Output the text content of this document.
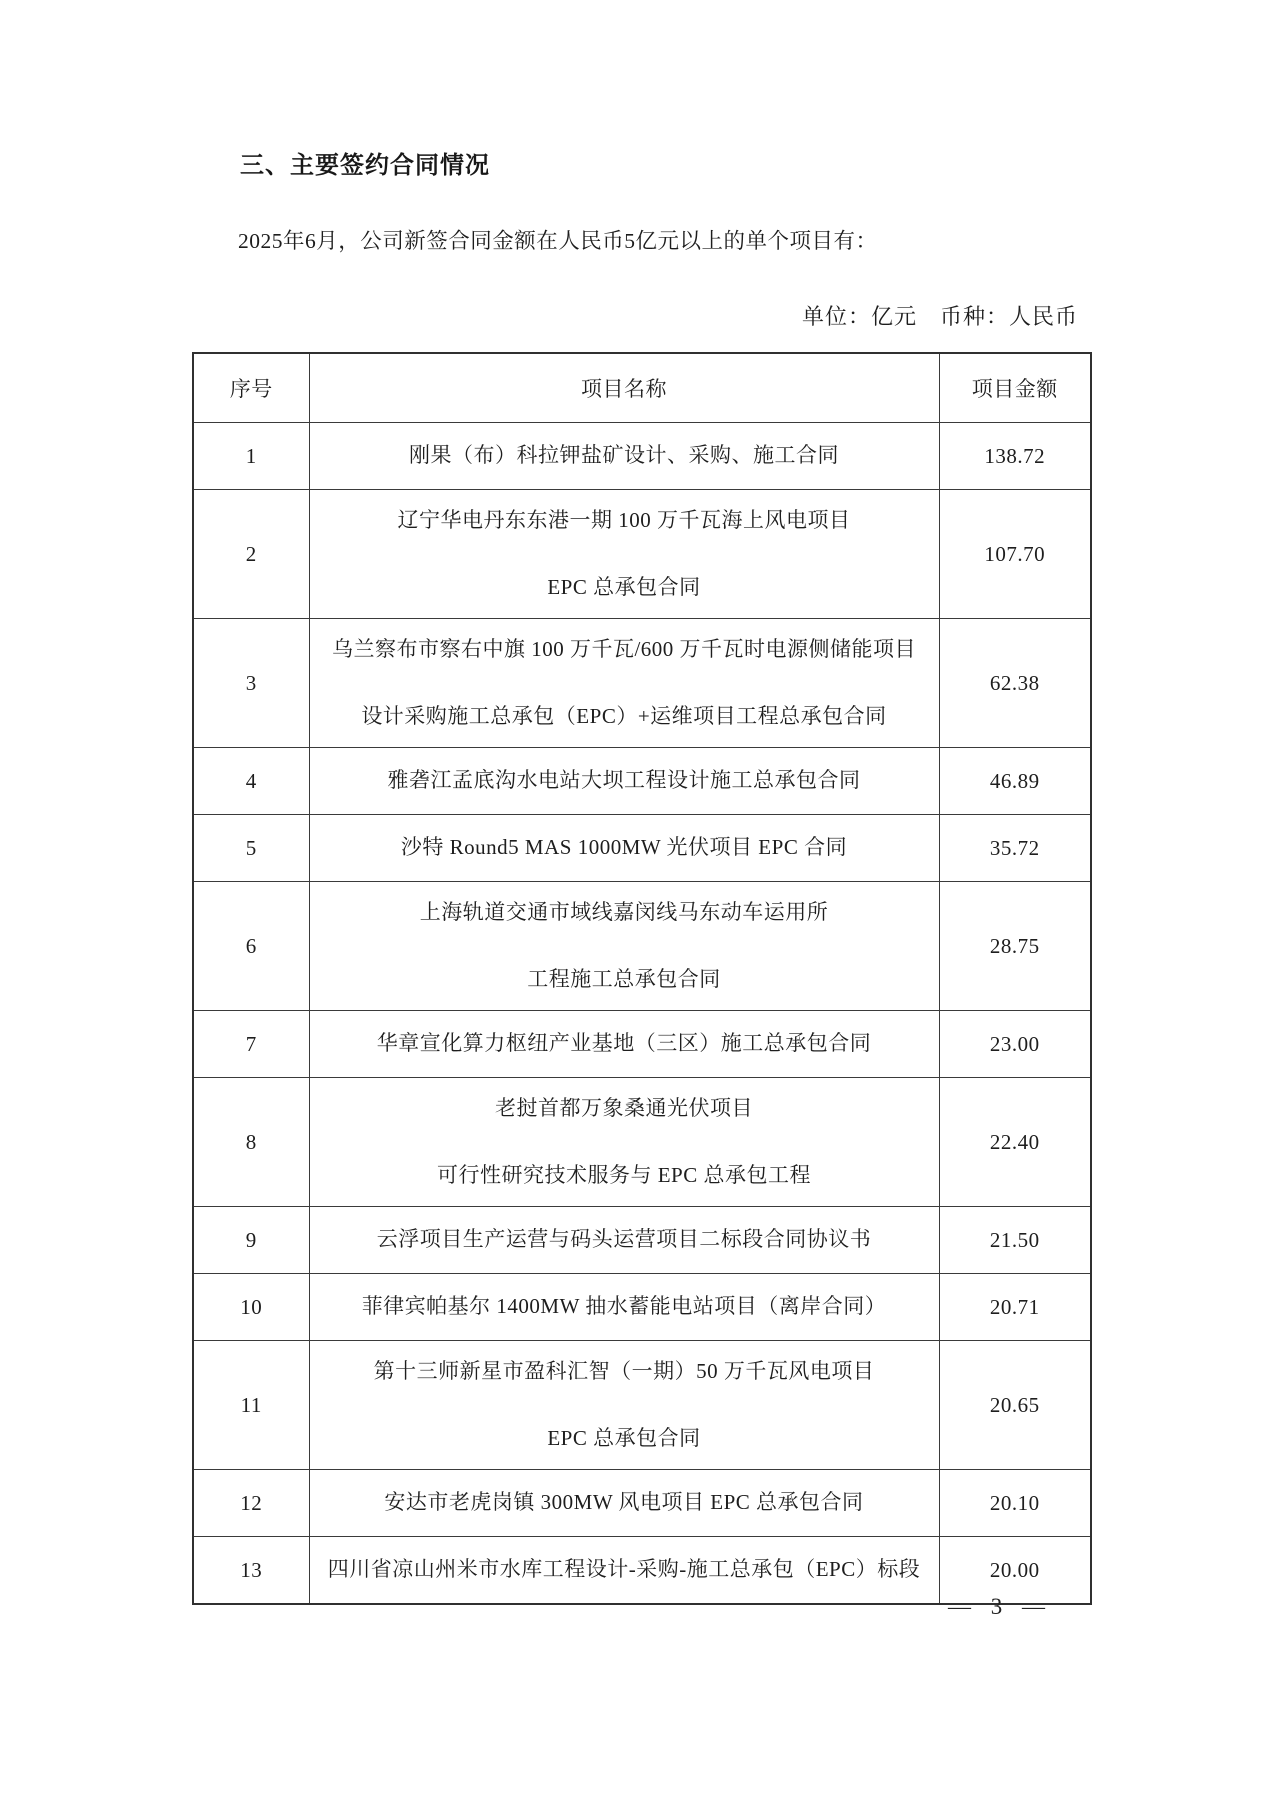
三、主要签约合同情况

2025年6月，公司新签合同金额在人民币5亿元以上的单个项目有：

单位：亿元　币种：人民币
序号	项目名称	项目金额
1	刚果（布）科拉钾盐矿设计、采购、施工合同	138.72
2	辽宁华电丹东东港一期 100 万千瓦海上风电项目
EPC 总承包合同	107.70
3	乌兰察布市察右中旗 100 万千瓦/600 万千瓦时电源侧储能项目
设计采购施工总承包（EPC）+运维项目工程总承包合同	62.38
4	雅砻江孟底沟水电站大坝工程设计施工总承包合同	46.89
5	沙特 Round5 MAS 1000MW 光伏项目 EPC 合同	35.72
6	上海轨道交通市域线嘉闵线马东动车运用所
工程施工总承包合同	28.75
7	华章宣化算力枢纽产业基地（三区）施工总承包合同	23.00
8	老挝首都万象桑通光伏项目
可行性研究技术服务与 EPC 总承包工程	22.40
9	云浮项目生产运营与码头运营项目二标段合同协议书	21.50
10	菲律宾帕基尔 1400MW 抽水蓄能电站项目（离岸合同）	20.71
11	第十三师新星市盈科汇智（一期）50 万千瓦风电项目
EPC 总承包合同	20.65
12	安达市老虎岗镇 300MW 风电项目 EPC 总承包合同	20.10
13	四川省凉山州米市水库工程设计-采购-施工总承包（EPC）标段	20.00
— 3 —
